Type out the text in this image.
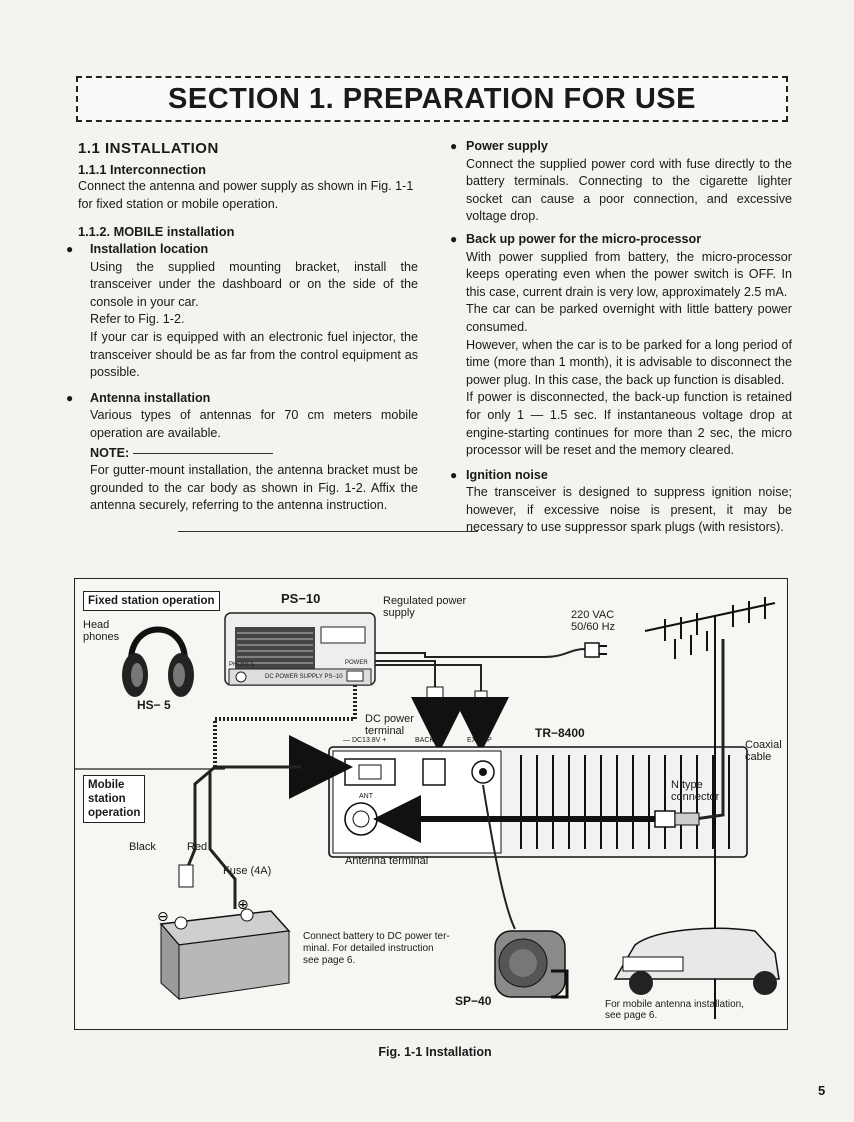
SECTION 1. PREPARATION FOR USE
1.1 INSTALLATION
1.1.1 Interconnection

Connect the antenna and power supply as shown in Fig. 1-1 for fixed station or mobile operation.

1.1.2. MOBILE installation
● Installation location

Using the supplied mounting bracket, install the transceiver under the dashboard or on the side of the console in your car.

Refer to Fig. 1-2.

If your car is equipped with an electronic fuel injector, the transceiver should be as far from the control equipment as possible.

● Antenna installation

Various types of antennas for 70 cm meters mobile operation are available.

NOTE:

For gutter-mount installation, the antenna bracket must be grounded to the car body as shown in Fig. 1-2. Affix the antenna securely, referring to the antenna instruction.

● Power supply

Connect the supplied power cord with fuse directly to the battery terminals. Connecting to the cigarette lighter socket can cause a poor connection, and excessive voltage drop.

● Back up power for the micro-processor

With power supplied from battery, the micro-processor keeps operating even when the power switch is OFF. In this case, current drain is very low, approximately 2.5 mA.

The car can be parked overnight with little battery power consumed.

However, when the car is to be parked for a long period of time (more than 1 month), it is advisable to disconnect the power plug. In this case, the back up function is disabled.

If power is disconnected, the back-up function is retained for only 1 — 1.5 sec. If instantaneous voltage drop at engine-starting continues for more than 2 sec, the micro processor will be reset and the memory cleared.

● Ignition noise

The transceiver is designed to suppress ignition noise; however, if excessive noise is present, it may be necessary to use suppressor spark plugs (with resistors).

⊖
⊕
Fixed station operation
Mobile
station
operation
PS−10	Regulated power
supply
Head
phones
HS− 5
220 VAC
50/60 Hz
DC power
terminal	TR−8400
Coaxial
cable
N type
connector
Black	Red
Fuse (4A)
Antenna terminal
Connect battery to DC power ter-
minal. For detailed instruction
see page 6.
SP−40	For mobile antenna installation,
see page 6.
— DC13.8V +	BACK UP	EXT SP
ANT
DC POWER SUPPLY PS−10
POWER
PHONES
Fig. 1-1 Installation
5
